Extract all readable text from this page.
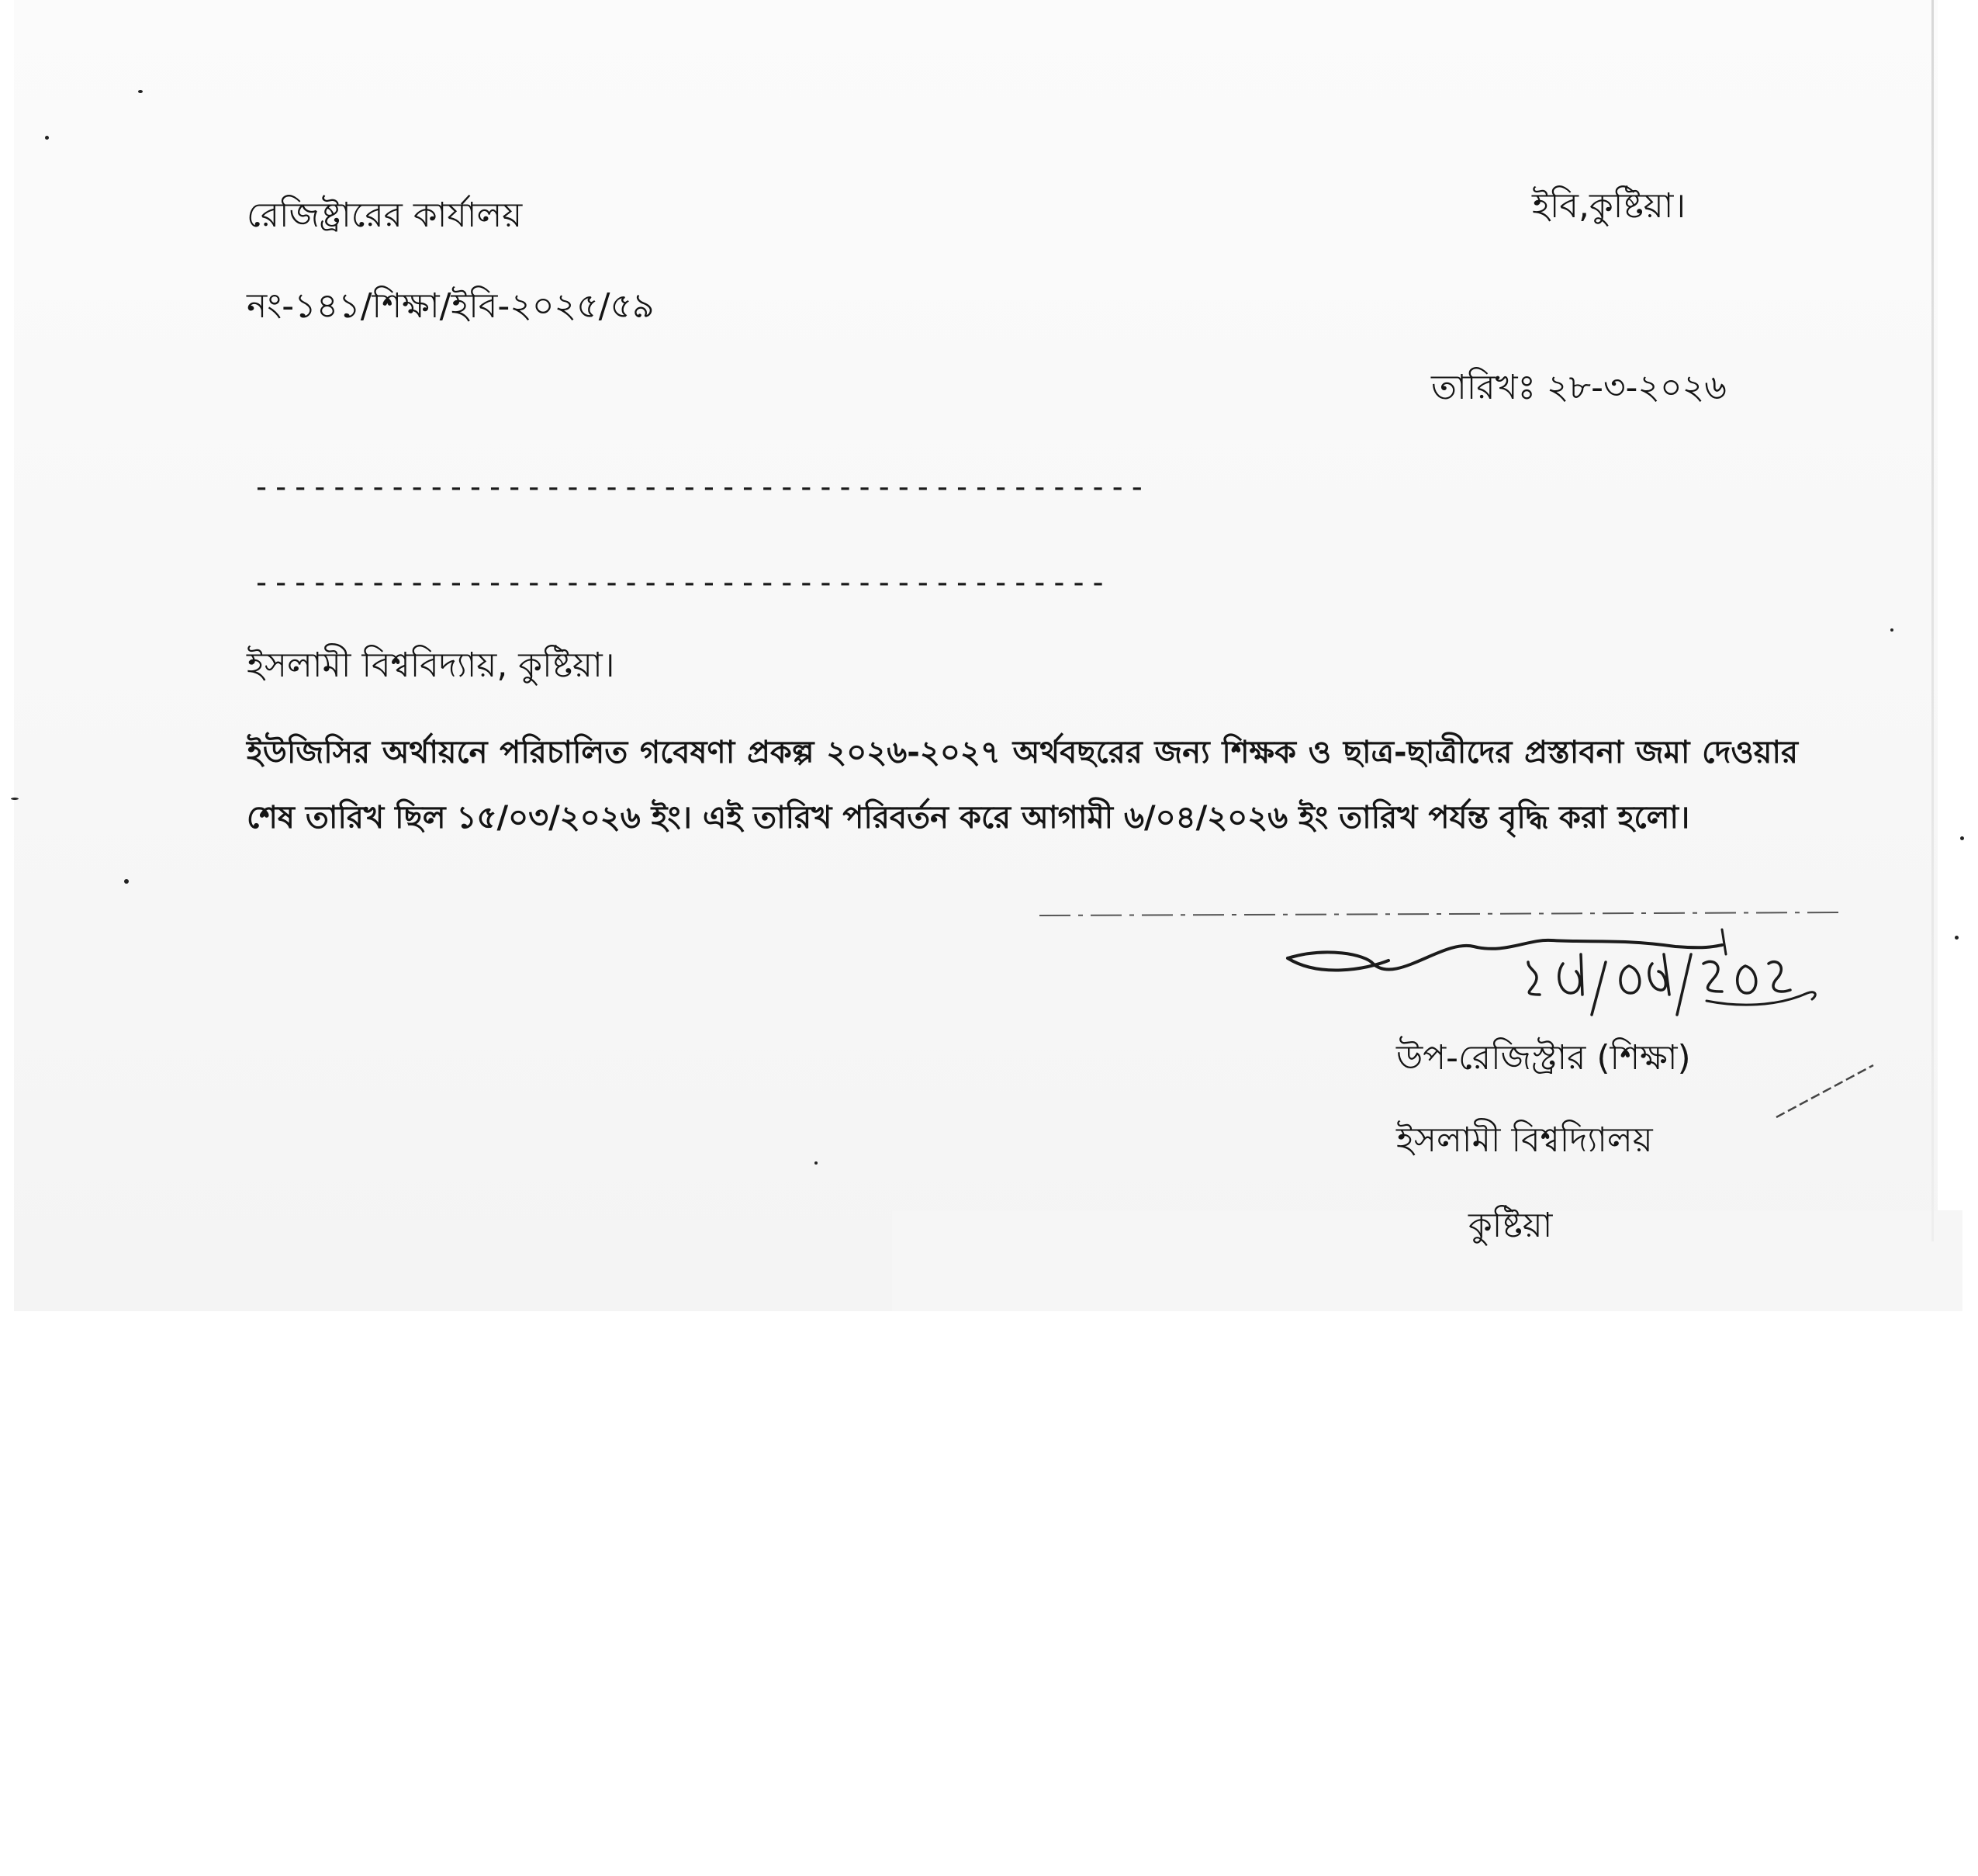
রেজিষ্ট্রারের কার্যালয়	ইবি,কুষ্টিয়া।
নং-১৪১/শিক্ষা/ইবি-২০২৫/৫৯
তারিখঃ ২৮-৩-২০২৬
----------------------------------------------
--------------------------------------------
ইসলামী বিশ্ববিদ্যায়, কুষ্টিয়া।
ইউজিসির অর্থায়নে পরিচালিত গবেষণা প্রকল্প ২০২৬-২০২৭ অর্থবছরের জন্য শিক্ষক ও ছাত্র-ছাত্রীদের প্রস্তাবনা জমা দেওয়ার শেষ তারিখ ছিল ১৫/০৩/২০২৬ ইং। এই তারিখ পরিবর্তন করে আগামী ৬/০৪/২০২৬ ইং তারিখ পর্যন্ত বৃদ্ধি করা হলো।
উপ-রেজিস্ট্রার (শিক্ষা)
ইসলামী বিশ্বদ্যািলয়
কুষ্টিয়া
